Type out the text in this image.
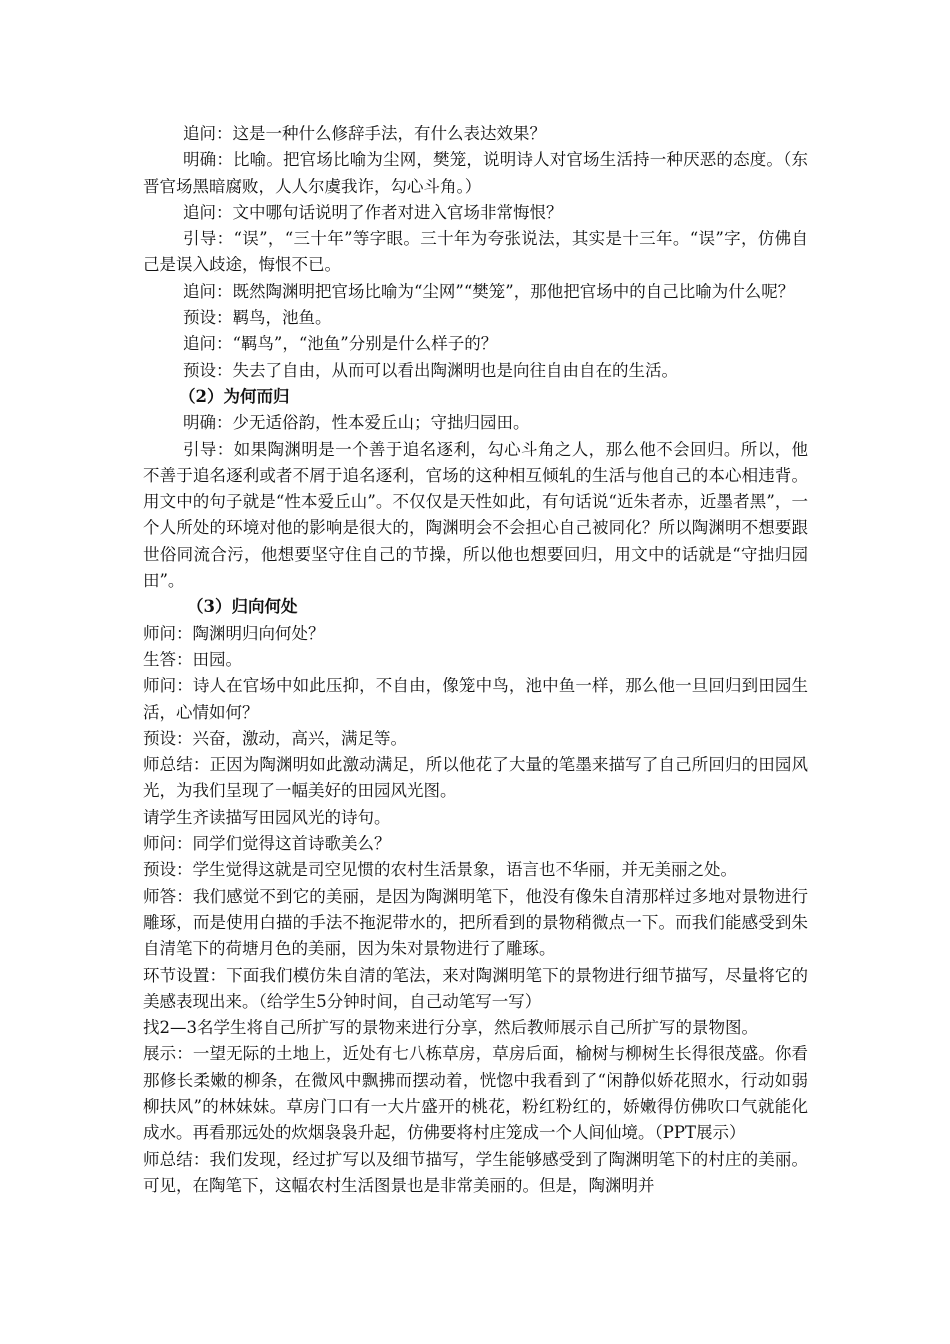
追问：这是一种什么修辞手法，有什么表达效果？

明确：比喻。把官场比喻为尘网，樊笼，说明诗人对官场生活持一种厌恶的态度。（东晋官场黑暗腐败，人人尔虞我诈，勾心斗角。）

追问：文中哪句话说明了作者对进入官场非常悔恨？

引导：“误”，“三十年”等字眼。三十年为夸张说法，其实是十三年。“误”字，仿佛自己是误入歧途，悔恨不已。

追问：既然陶渊明把官场比喻为“尘网”“樊笼”，那他把官场中的自己比喻为什么呢？

预设：羁鸟，池鱼。

追问：“羁鸟”，“池鱼”分别是什么样子的？

预设：失去了自由，从而可以看出陶渊明也是向往自由自在的生活。

（2）为何而归

明确：少无适俗韵，性本爱丘山；守拙归园田。

引导：如果陶渊明是一个善于追名逐利，勾心斗角之人，那么他不会回归。所以，他不善于追名逐利或者不屑于追名逐利，官场的这种相互倾轧的生活与他自己的本心相违背。用文中的句子就是“性本爱丘山”。不仅仅是天性如此，有句话说“近朱者赤，近墨者黑”，一个人所处的环境对他的影响是很大的，陶渊明会不会担心自己被同化？所以陶渊明不想要跟世俗同流合污，他想要坚守住自己的节操，所以他也想要回归，用文中的话就是“守拙归园田”。

（3）归向何处

师问：陶渊明归向何处？

生答：田园。

师问：诗人在官场中如此压抑，不自由，像笼中鸟，池中鱼一样，那么他一旦回归到田园生活，心情如何？

预设：兴奋，激动，高兴，满足等。

师总结：正因为陶渊明如此激动满足，所以他花了大量的笔墨来描写了自己所回归的田园风光，为我们呈现了一幅美好的田园风光图。

请学生齐读描写田园风光的诗句。

师问：同学们觉得这首诗歌美么？

预设：学生觉得这就是司空见惯的农村生活景象，语言也不华丽，并无美丽之处。

师答：我们感觉不到它的美丽，是因为陶渊明笔下，他没有像朱自清那样过多地对景物进行雕琢，而是使用白描的手法不拖泥带水的，把所看到的景物稍微点一下。而我们能感受到朱自清笔下的荷塘月色的美丽，因为朱对景物进行了雕琢。

环节设置：下面我们模仿朱自清的笔法，来对陶渊明笔下的景物进行细节描写，尽量将它的美感表现出来。（给学生5分钟时间，自己动笔写一写）

找2—3名学生将自己所扩写的景物来进行分享，然后教师展示自己所扩写的景物图。

展示：一望无际的土地上，近处有七八栋草房，草房后面，榆树与柳树生长得很茂盛。你看那修长柔嫩的柳条，在微风中飘拂而摆动着，恍惚中我看到了“闲静似娇花照水，行动如弱柳扶风”的林妹妹。草房门口有一大片盛开的桃花，粉红粉红的，娇嫩得仿佛吹口气就能化成水。再看那远处的炊烟袅袅升起，仿佛要将村庄笼成一个人间仙境。（PPT展示）

师总结：我们发现，经过扩写以及细节描写，学生能够感受到了陶渊明笔下的村庄的美丽。可见，在陶笔下，这幅农村生活图景也是非常美丽的。但是，陶渊明并
